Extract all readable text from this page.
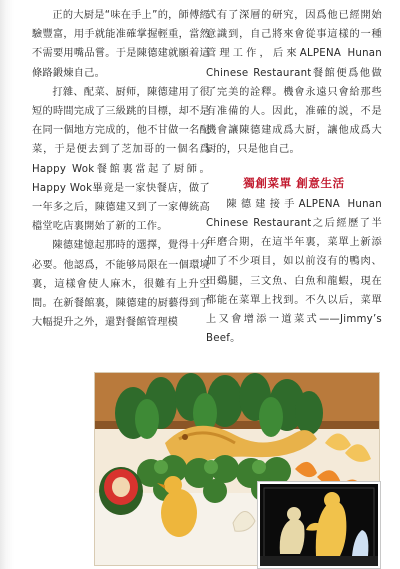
正的大厨是“味在手上”的，師傅經驗豐富，用手就能准確掌握輕重，當然不需要用嘴品嘗。于是陳德建就願着這條路鍛煉自己。

打雜、配菜、厨师，陳德建用了很短的時間完成了三級跳的目標，却不是在同一個地方完成的，他不甘做一名配菜，于是便去到了芝加哥的一個名爲Happy Wok餐館裏當起了厨師。Happy Wok畢竟是一家快餐店，做了一年多之后，陳德建又到了一家傳統高檔堂吃店裏開始了新的工作。

陳德建憶起那時的選擇，覺得十分必要。他認爲，不能够局限在一個環境裏，這樣會使人麻木，很難有上升空間。在新餐館裏，陳德建的厨藝得到了大幅提升之外，還對餐館管理模

式有了深層的研究，因爲他已經開始意識到，自己將來會從事這樣的一種管理工作，后來ALPENA Hunan Chinese Restaurant餐館便爲他做了完美的詮釋。機會永遠只會給那些有准備的人。因此，准確的説，不是機會讓陳德建成爲大厨，讓他成爲大厨的，只是他自己。

獨創菜單 創意生活

陳德建接手ALPENA Hunan Chinese Restaurant之后經歷了半年磨合期，在這半年裏，菜單上新添加了不少項目，如以前沒有的鴨肉、田鷄腿，三文魚、白魚和龍蝦，現在都能在菜單上找到。不久以后，菜單上又會增添一道菜式——Jimmy’s Beef。
